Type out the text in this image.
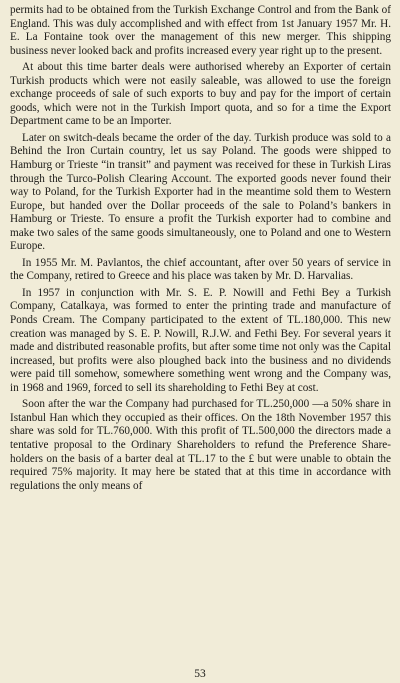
permits had to be obtained from the Turkish Exchange Control and from the Bank of England. This was duly accomplished and with effect from 1st January 1957 Mr. H. E. La Fontaine took over the management of this new merger. This shipping business never looked back and profits increased every year right up to the present.

At about this time barter deals were authorised whereby an Exporter of certain Turkish products which were not easily saleable, was allowed to use the foreign exchange proceeds of sale of such exports to buy and pay for the import of certain goods, which were not in the Turkish Import quota, and so for a time the Export Department came to be an Importer.

Later on switch-deals became the order of the day. Turkish produce was sold to a Behind the Iron Curtain country, let us say Poland. The goods were shipped to Hamburg or Trieste “in transit” and payment was received for these in Turkish Liras through the Turco-Polish Clearing Account. The exported goods never found their way to Poland, for the Turkish Exporter had in the meantime sold them to Western Europe, but handed over the Dollar proceeds of the sale to Poland’s bankers in Hamburg or Trieste. To ensure a profit the Turkish exporter had to combine and make two sales of the same goods simultaneously, one to Poland and one to Western Europe.

In 1955 Mr. M. Pavlantos, the chief accountant, after over 50 years of service in the Company, retired to Greece and his place was taken by Mr. D. Harvalias.

In 1957 in conjunction with Mr. S. E. P. Nowill and Fethi Bey a Turkish Company, Catalkaya, was formed to enter the printing trade and manufacture of Ponds Cream. The Company participated to the extent of TL.180,000. This new creation was managed by S. E. P. Nowill, R.J.W. and Fethi Bey. For several years it made and distributed reasonable profits, but after some time not only was the Capital increased, but profits were also ploughed back into the business and no dividends were paid till somehow, somewhere something went wrong and the Company was, in 1968 and 1969, forced to sell its shareholding to Fethi Bey at cost.

Soon after the war the Company had purchased for TL.250,000 —a 50% share in Istanbul Han which they occupied as their offices. On the 18th November 1957 this share was sold for TL.760,000. With this profit of TL.500,000 the directors made a tentative proposal to the Ordinary Shareholders to refund the Preference Shareholders on the basis of a barter deal at TL.17 to the £ but were unable to obtain the required 75% majority. It may here be stated that at this time in accordance with regulations the only means of

53
